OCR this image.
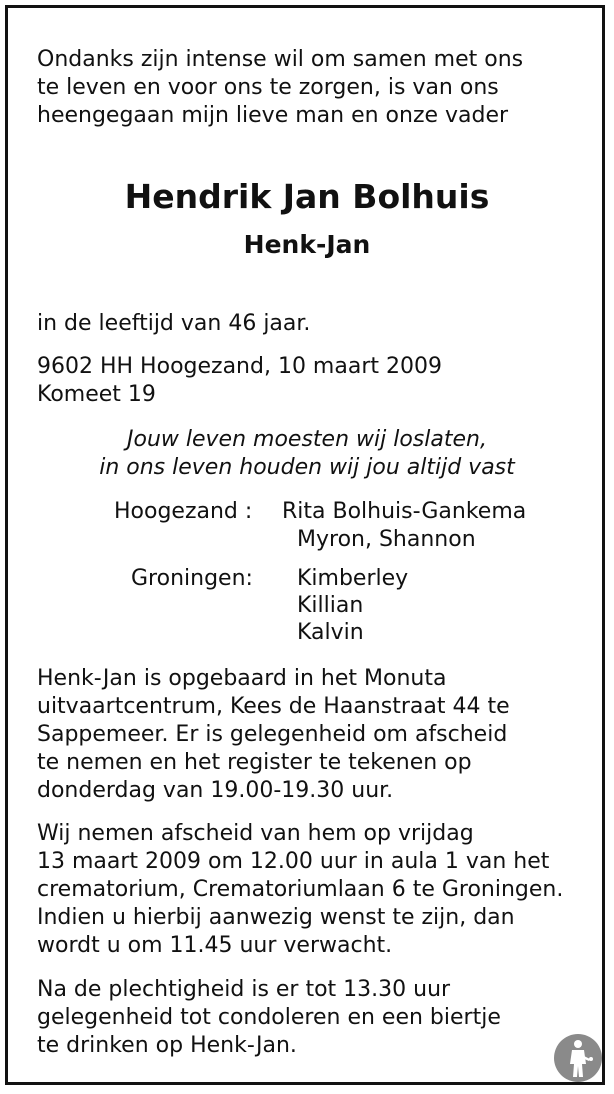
Ondanks zijn intense wil om samen met ons
te leven en voor ons te zorgen, is van ons
heengegaan mijn lieve man en onze vader
Hendrik Jan Bolhuis
Henk-Jan
in de leeftijd van 46 jaar.
9602 HH Hoogezand, 10 maart 2009
Komeet 19
Jouw leven moesten wij loslaten,
in ons leven houden wij jou altijd vast
Hoogezand : Rita Bolhuis-Gankema
Myron, Shannon
Groningen: Kimberley
Killian
Kalvin
Henk-Jan is opgebaard in het Monuta
uitvaartcentrum, Kees de Haanstraat 44 te
Sappemeer. Er is gelegenheid om afscheid
te nemen en het register te tekenen op
donderdag van 19.00-19.30 uur.
Wij nemen afscheid van hem op vrijdag
13 maart 2009 om 12.00 uur in aula 1 van het
crematorium, Crematoriumlaan 6 te Groningen.
Indien u hierbij aanwezig wenst te zijn, dan
wordt u om 11.45 uur verwacht.
Na de plechtigheid is er tot 13.30 uur
gelegenheid tot condoleren en een biertje
te drinken op Henk-Jan.
